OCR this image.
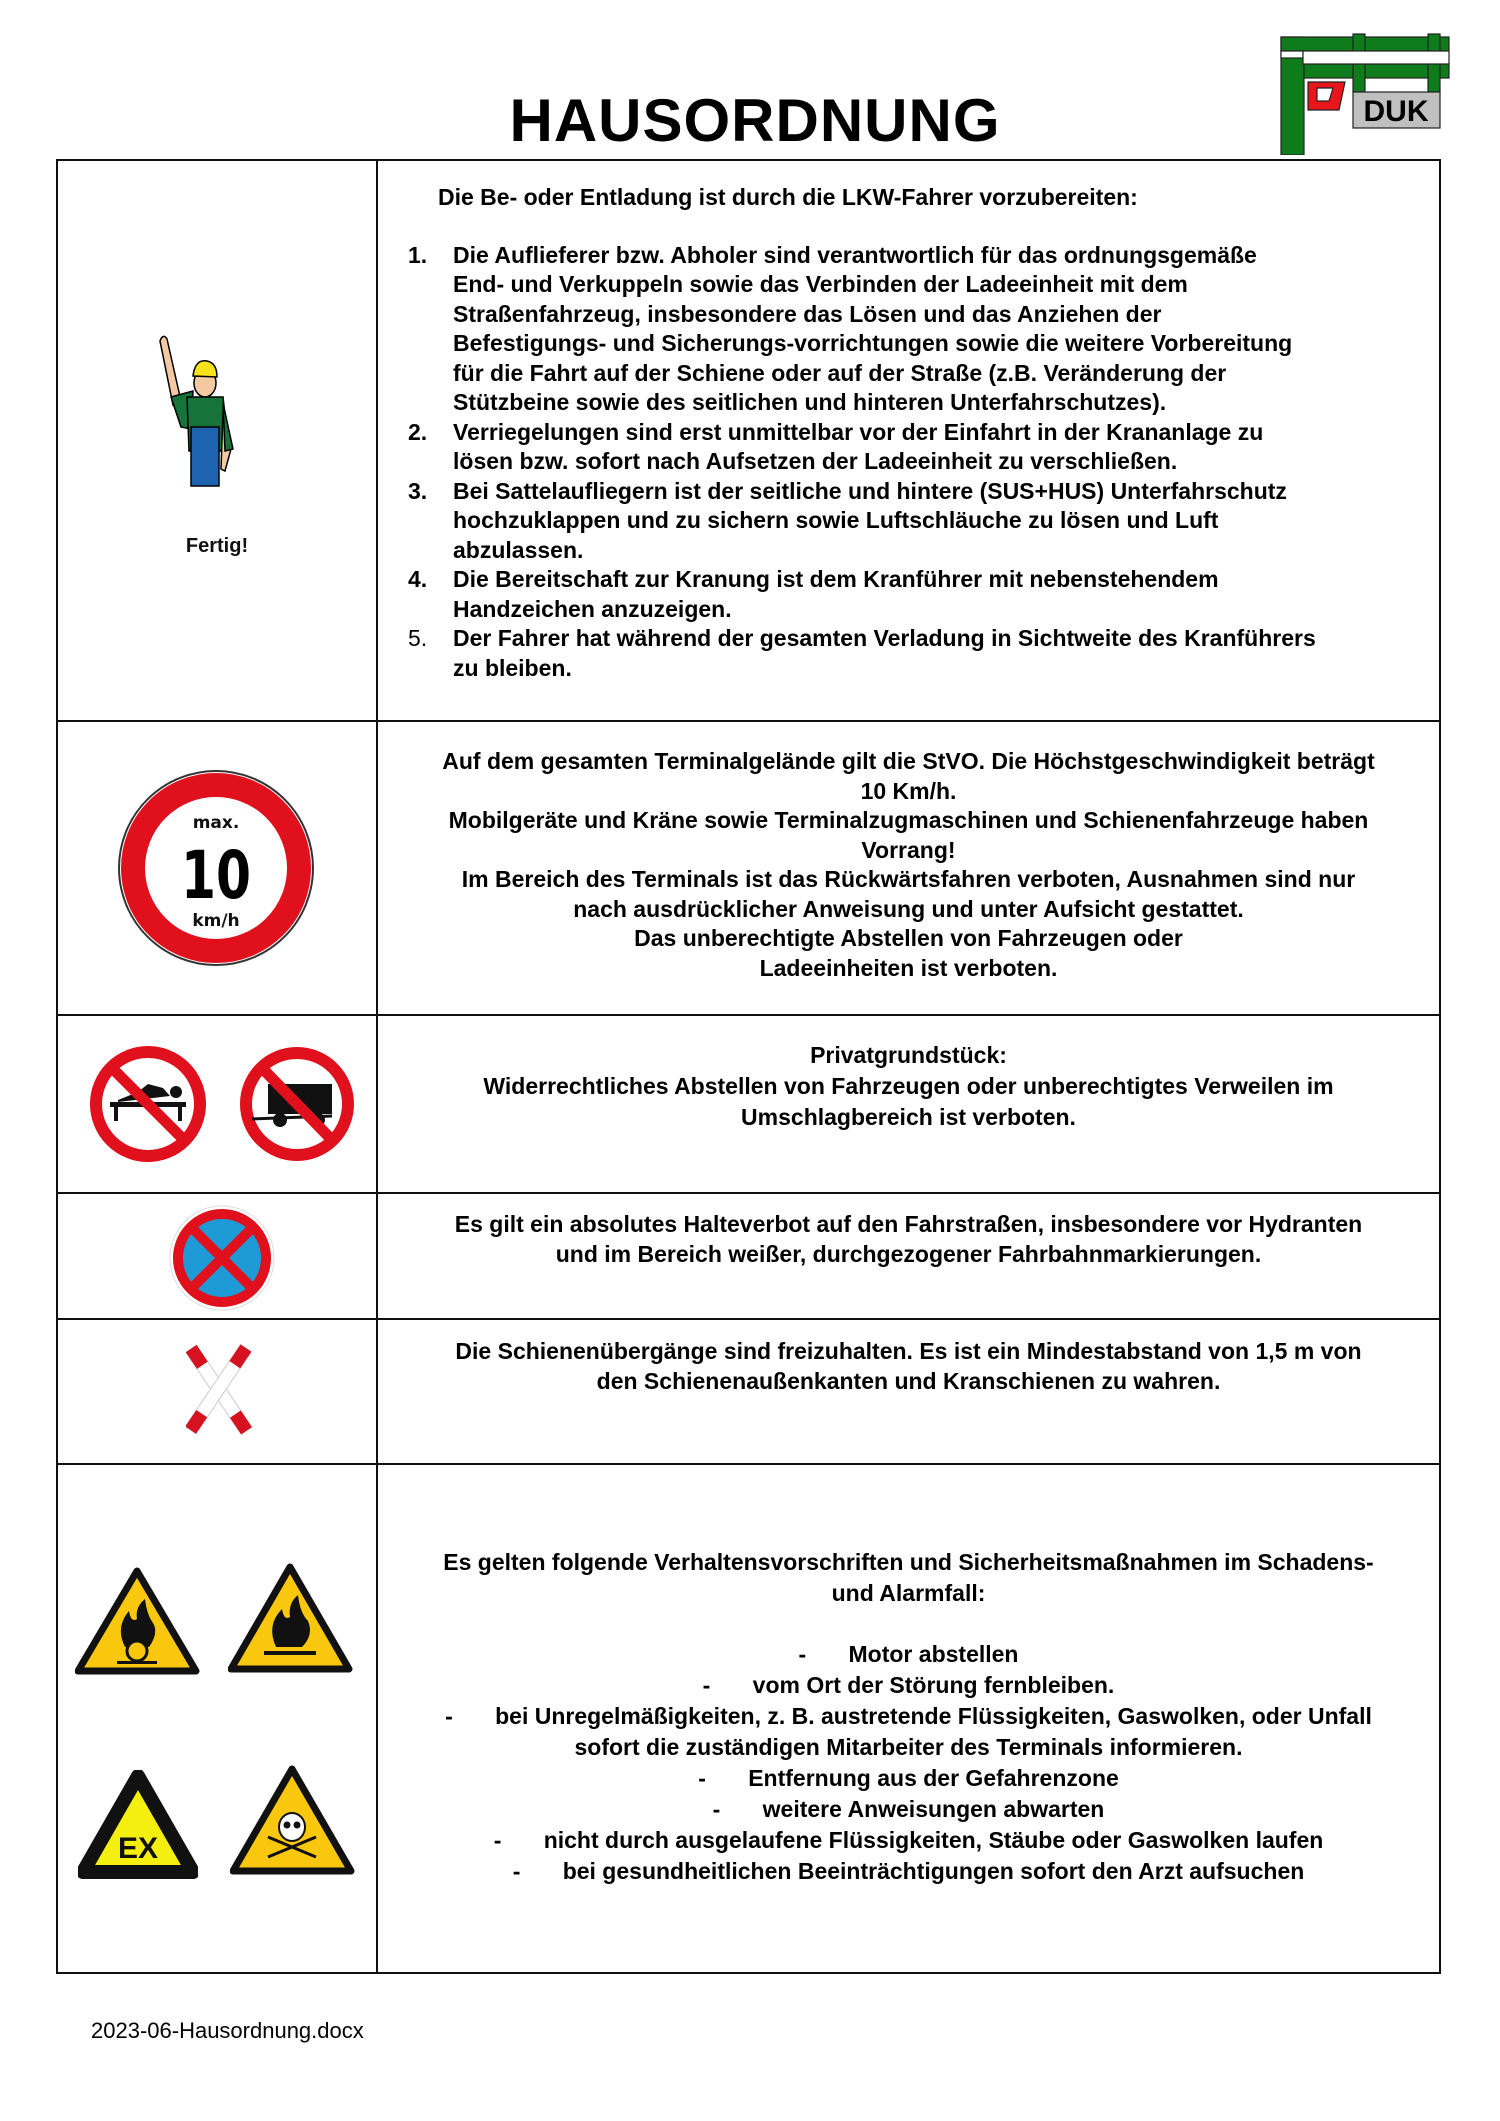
HAUSORDNUNG	DUK
Fertig!
Die Be- oder Entladung ist durch die LKW-Fahrer vorzubereiten:
1.	Die Auflieferer bzw. Abholer sind verantwortlich für das ordnungsgemäße
End- und Verkuppeln sowie das Verbinden der Ladeeinheit mit dem
Straßenfahrzeug, insbesondere das Lösen und das Anziehen der
Befestigungs- und Sicherungs-vorrichtungen sowie die weitere Vorbereitung
für die Fahrt auf der Schiene oder auf der Straße (z.B. Veränderung der
Stützbeine sowie des seitlichen und hinteren Unterfahrschutzes).
2.	Verriegelungen sind erst unmittelbar vor der Einfahrt in der Krananlage zu
lösen bzw. sofort nach Aufsetzen der Ladeeinheit zu verschließen.
3.	Bei Sattelaufliegern ist der seitliche und hintere (SUS+HUS) Unterfahrschutz
hochzuklappen und zu sichern sowie Luftschläuche zu lösen und Luft
abzulassen.
4.	Die Bereitschaft zur Kranung ist dem Kranführer mit nebenstehendem
Handzeichen anzuzeigen.
5.	Der Fahrer hat während der gesamten Verladung in Sichtweite des Kranführers
zu bleiben.
max.
10
km/h
Auf dem gesamten Terminalgelände gilt die StVO. Die Höchstgeschwindigkeit beträgt
10 Km/h.
Mobilgeräte und Kräne sowie Terminalzugmaschinen und Schienenfahrzeuge haben
Vorrang!
Im Bereich des Terminals ist das Rückwärtsfahren verboten, Ausnahmen sind nur
nach ausdrücklicher Anweisung und unter Aufsicht gestattet.
Das unberechtigte Abstellen von Fahrzeugen oder
Ladeeinheiten ist verboten.
Privatgrundstück:
Widerrechtliches Abstellen von Fahrzeugen oder unberechtigtes Verweilen im
Umschlagbereich ist verboten.
Es gilt ein absolutes Halteverbot auf den Fahrstraßen, insbesondere vor Hydranten
und im Bereich weißer, durchgezogener Fahrbahnmarkierungen.
Die Schienenübergänge sind freizuhalten. Es ist ein Mindestabstand von 1,5 m von
den Schienenaußenkanten und Kranschienen zu wahren.
EX
Es gelten folgende Verhaltensvorschriften und Sicherheitsmaßnahmen im Schadens-
und Alarmfall:
- Motor abstellen
- vom Ort der Störung fernbleiben.
- bei Unregelmäßigkeiten, z. B. austretende Flüssigkeiten, Gaswolken, oder Unfall
sofort die zuständigen Mitarbeiter des Terminals informieren.
- Entfernung aus der Gefahrenzone
- weitere Anweisungen abwarten
- nicht durch ausgelaufene Flüssigkeiten, Stäube oder Gaswolken laufen
- bei gesundheitlichen Beeinträchtigungen sofort den Arzt aufsuchen
2023-06-Hausordnung.docx
